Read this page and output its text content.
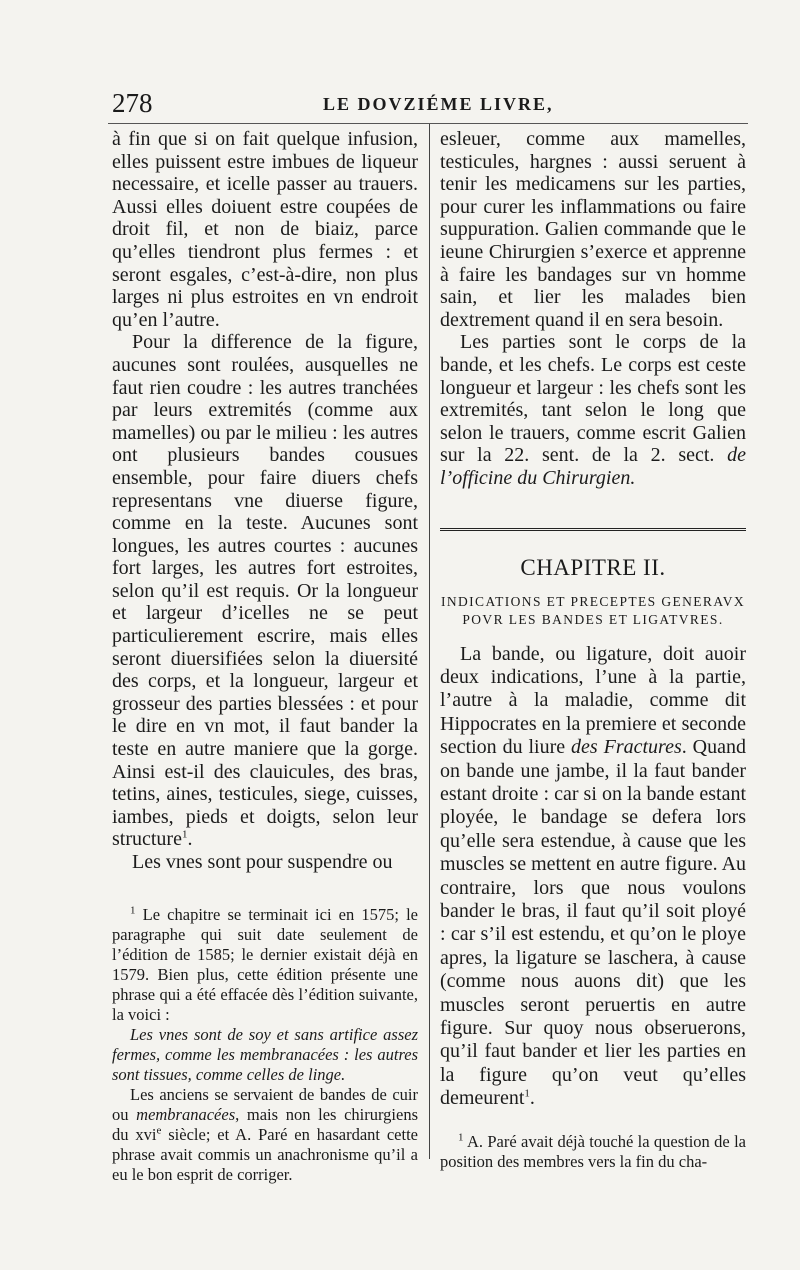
278	LE DOVZIÉME LIVRE,

à fin que si on fait quelque infusion, elles puissent estre imbues de liqueur necessaire, et icelle passer au trauers. Aussi elles doiuent estre coupées de droit fil, et non de biaiz, parce qu’elles tiendront plus fermes : et seront esgales, c’est-à-dire, non plus larges ni plus estroites en vn endroit qu’en l’autre.

Pour la difference de la figure, aucunes sont roulées, ausquelles ne faut rien coudre : les autres tranchées par leurs extremités (comme aux mamelles) ou par le milieu : les autres ont plusieurs bandes cousues ensemble, pour faire diuers chefs representans vne diuerse figure, comme en la teste. Aucunes sont longues, les autres courtes : aucunes fort larges, les autres fort estroites, selon qu’il est requis. Or la longueur et largeur d’icelles ne se peut particulierement escrire, mais elles seront diuersifiées selon la diuersité des corps, et la longueur, largeur et grosseur des parties blessées : et pour le dire en vn mot, il faut bander la teste en autre maniere que la gorge. Ainsi est-il des clauicules, des bras, tetins, aines, testicules, siege, cuisses, iambes, pieds et doigts, selon leur structure$^1$.

Les vnes sont pour suspendre ou

$^1$ Le chapitre se terminait ici en 1575; le paragraphe qui suit date seulement de l’édition de 1585; le dernier existait déjà en 1579. Bien plus, cette édition présente une phrase qui a été effacée dès l’édition suivante, la voici :

Les vnes sont de soy et sans artifice assez fermes, comme les membranacées : les autres sont tissues, comme celles de linge.

Les anciens se servaient de bandes de cuir ou membranacées, mais non les chirurgiens du xvi$^e$ siècle; et A. Paré en hasardant cette phrase avait commis un anachronisme qu’il a eu le bon esprit de corriger.

esleuer, comme aux mamelles, testicules, hargnes : aussi seruent à tenir les medicamens sur les parties, pour curer les inflammations ou faire suppuration. Galien commande que le ieune Chirurgien s’exerce et apprenne à faire les bandages sur vn homme sain, et lier les malades bien dextrement quand il en sera besoin.

Les parties sont le corps de la bande, et les chefs. Le corps est ceste longueur et largeur : les chefs sont les extremités, tant selon le long que selon le trauers, comme escrit Galien sur la 22. sent. de la 2. sect. de l’officine du Chirurgien.

CHAPITRE II.
INDICATIONS ET PRECEPTES GENERAVX
POVR LES BANDES ET LIGATVRES.

La bande, ou ligature, doit auoir deux indications, l’une à la partie, l’autre à la maladie, comme dit Hippocrates en la premiere et seconde section du liure des Fractures. Quand on bande une jambe, il la faut bander estant droite : car si on la bande estant ployée, le bandage se defera lors qu’elle sera estendue, à cause que les muscles se mettent en autre figure. Au contraire, lors que nous voulons bander le bras, il faut qu’il soit ployé : car s’il est estendu, et qu’on le ploye apres, la ligature se laschera, à cause (comme nous auons dit) que les muscles seront peruertis en autre figure. Sur quoy nous obseruerons, qu’il faut bander et lier les parties en la figure qu’on veut qu’elles demeurent$^1$.

$^1$ A. Paré avait déjà touché la question de la position des membres vers la fin du cha-
